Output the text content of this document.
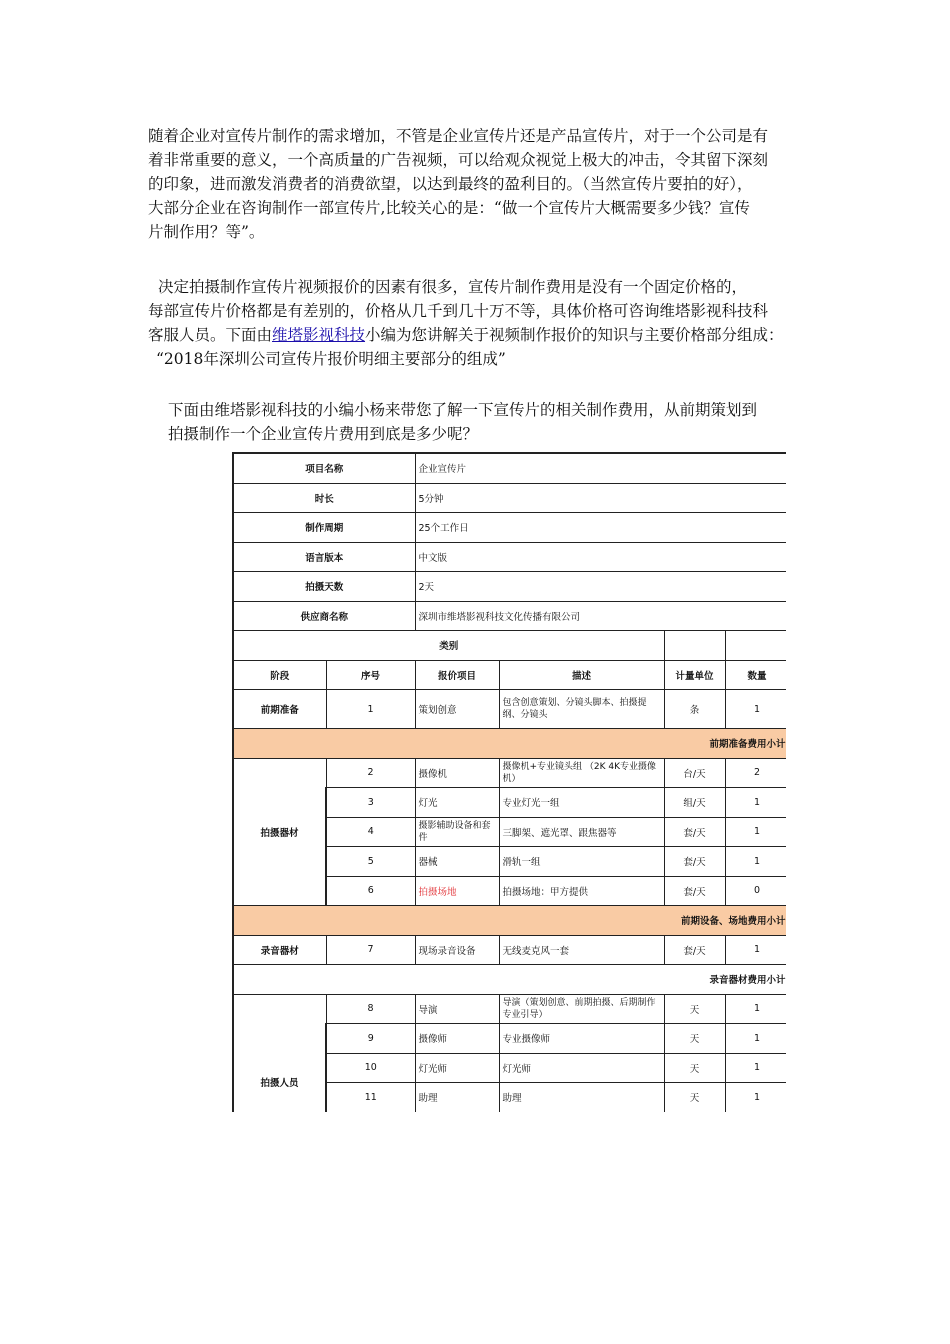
随着企业对宣传片制作的需求增加，不管是企业宣传片还是产品宣传片，对于一个公司是有
着非常重要的意义，一个高质量的广告视频，可以给观众视觉上极大的冲击，令其留下深刻
的印象，进而激发消费者的消费欲望，以达到最终的盈利目的。（当然宣传片要拍的好），
大部分企业在咨询制作一部宣传片,比较关心的是：“做一个宣传片大概需要多少钱？宣传
片制作用？等”。
决定拍摄制作宣传片视频报价的因素有很多，宣传片制作费用是没有一个固定价格的，
每部宣传片价格都是有差别的，价格从几千到几十万不等，具体价格可咨询维塔影视科技科
客服人员。下面由维塔影视科技小编为您讲解关于视频制作报价的知识与主要价格部分组成：
“2018年深圳公司宣传片报价明细主要部分的组成”
下面由维塔影视科技的小编小杨来带您了解一下宣传片的相关制作费用，从前期策划到
拍摄制作一个企业宣传片费用到底是多少呢？
项目名称		企业宣传片			
时长		5分钟			
制作周期		25个工作日			
语言版本		中文版			
拍摄天数		2天			
供应商名称		深圳市维塔影视科技文化传播有限公司			
类别					
阶段	序号	报价项目	描述	计量单位	数量
前期准备	1	策划创意	包含创意策划、分镜头脚本、拍摄提纲、分镜头	条	1
前期准备费用小计					
拍摄器材	2	摄像机	摄像机+专业镜头组 （2K 4K专业摄像机）	台/天	2
	3	灯光	专业灯光一组	组/天	1
	4	摄影辅助设备和套件	三脚架、遮光罩、跟焦器等	套/天	1
	5	器械	滑轨一组	套/天	1
	6	拍摄场地	拍摄场地：甲方提供	套/天	0
前期设备、场地费用小计					
录音器材	7	现场录音设备	无线麦克风一套	套/天	1
录音器材费用小计					
拍摄人员	8	导演	导演（策划创意、前期拍摄、后期制作专业引导）	天	1
	9	摄像师	专业摄像师	天	1
	10	灯光师	灯光师	天	1
	11	助理	助理	天	1
